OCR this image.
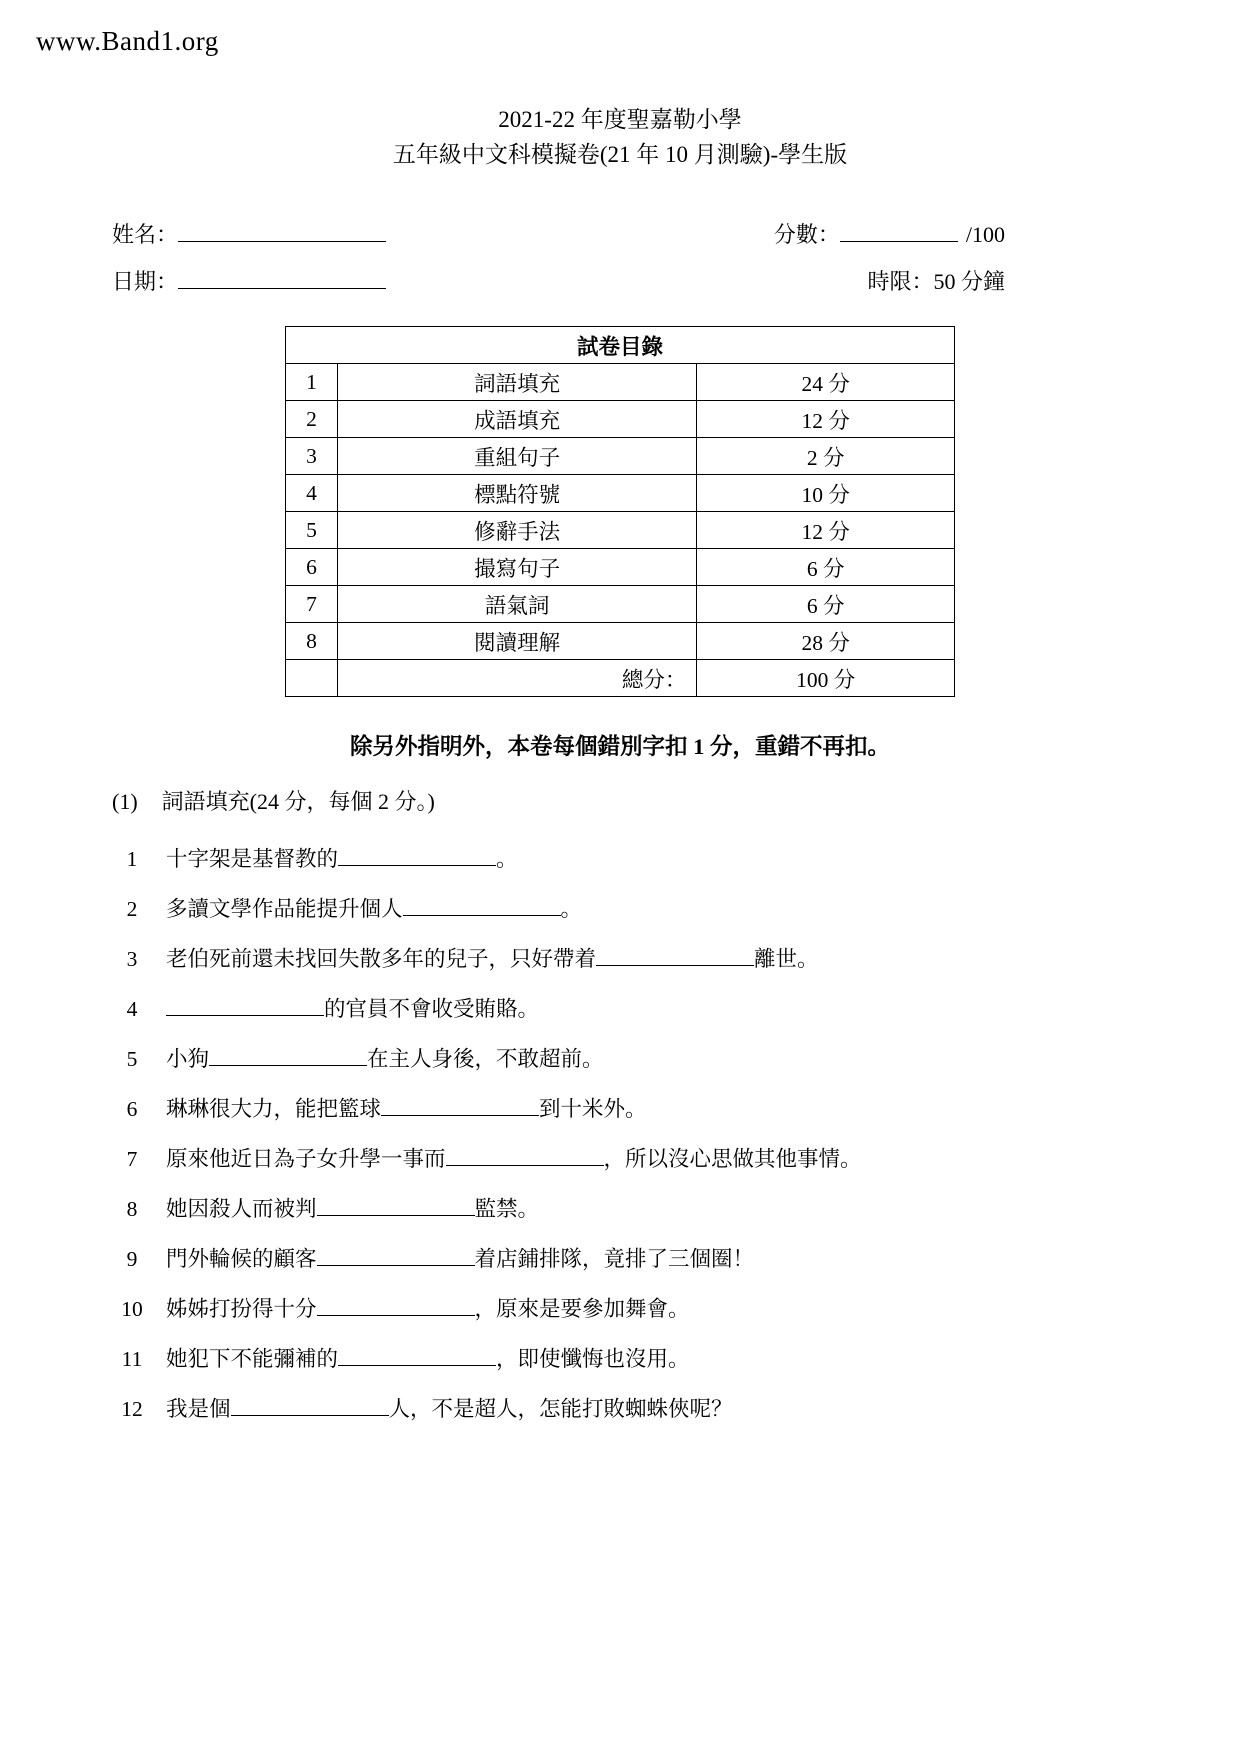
www.Band1.org
2021-22 年度聖嘉勒小學
五年級中文科模擬卷(21 年 10 月測驗)-學生版
姓名：	分數：	/100
日期：	時限：50 分鐘
試卷目錄		
1	詞語填充	24 分
2	成語填充	12 分
3	重組句子	2 分
4	標點符號	10 分
5	修辭手法	12 分
6	撮寫句子	6 分
7	語氣詞	6 分
8	閱讀理解	28 分
	總分：	100 分
除另外指明外，本卷每個錯別字扣 1 分，重錯不再扣。
(1) 詞語填充(24 分，每個 2 分。)
1	十字架是基督教的	。
2	多讀文學作品能提升個人	。
3	老伯死前還未找回失散多年的兒子，只好帶着	離世。
4	的官員不會收受賄賂。
5	小狗	在主人身後，不敢超前。
6	琳琳很大力，能把籃球	到十米外。
7	原來他近日為子女升學一事而	，所以沒心思做其他事情。
8	她因殺人而被判	監禁。
9	門外輪候的顧客	着店鋪排隊，竟排了三個圈！
10 姊姊打扮得十分	，原來是要參加舞會。
11 她犯下不能彌補的	，即使懺悔也沒用。
12 我是個	人，不是超人，怎能打敗蜘蛛俠呢？
